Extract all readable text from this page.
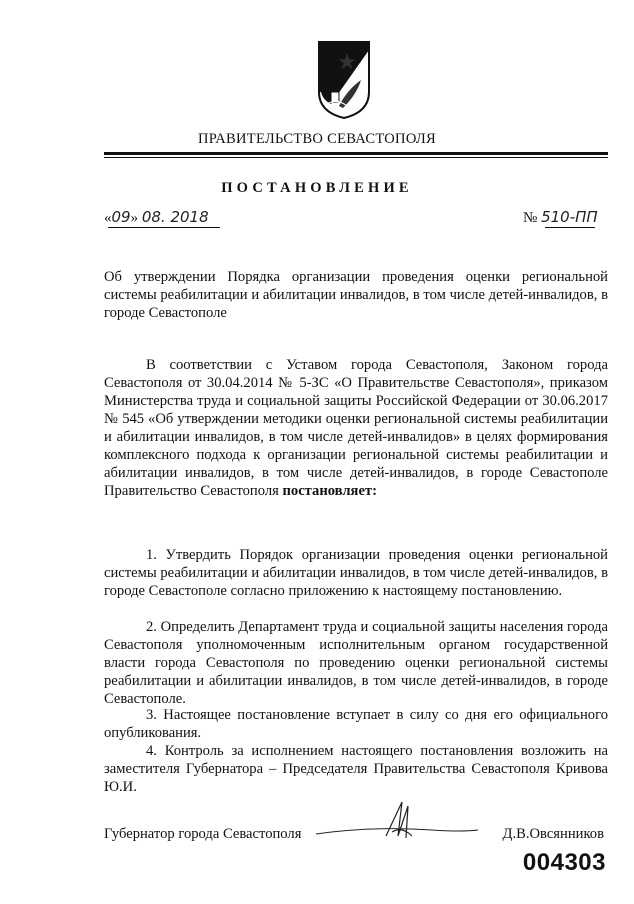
ПРАВИТЕЛЬСТВО СЕВАСТОПОЛЯ
ПОСТАНОВЛЕНИЕ
«09» 08. 2018	№ 510-ПП

Об утверждении Порядка организации проведения оценки региональной системы реабилитации и абилитации инвалидов, в том числе детей-инвалидов, в городе Севастополе

В соответствии с Уставом города Севастополя, Законом города Севастополя от 30.04.2014 № 5-ЗС «О Правительстве Севастополя», приказом Министерства труда и социальной защиты Российской Федерации от 30.06.2017 № 545 «Об утверждении методики оценки региональной системы реабилитации и абилитации инвалидов, в том числе детей-инвалидов» в целях формирования комплексного подхода к организации региональной системы реабилитации и абилитации инвалидов, в том числе детей-инвалидов, в городе Севастополе Правительство Севастополя постановляет:

1. Утвердить Порядок организации проведения оценки региональной системы реабилитации и абилитации инвалидов, в том числе детей-инвалидов, в городе Севастополе согласно приложению к настоящему постановлению.

2. Определить Департамент труда и социальной защиты населения города Севастополя уполномоченным исполнительным органом государственной власти города Севастополя по проведению оценки региональной системы реабилитации и абилитации инвалидов, в том числе детей-инвалидов, в городе Севастополе.

3. Настоящее постановление вступает в силу со дня его официального опубликования.

4. Контроль за исполнением настоящего постановления возложить на заместителя Губернатора – Председателя Правительства Севастополя Кривова Ю.И.

Губернатор города Севастополя	Д.В.Овсянников
004303
